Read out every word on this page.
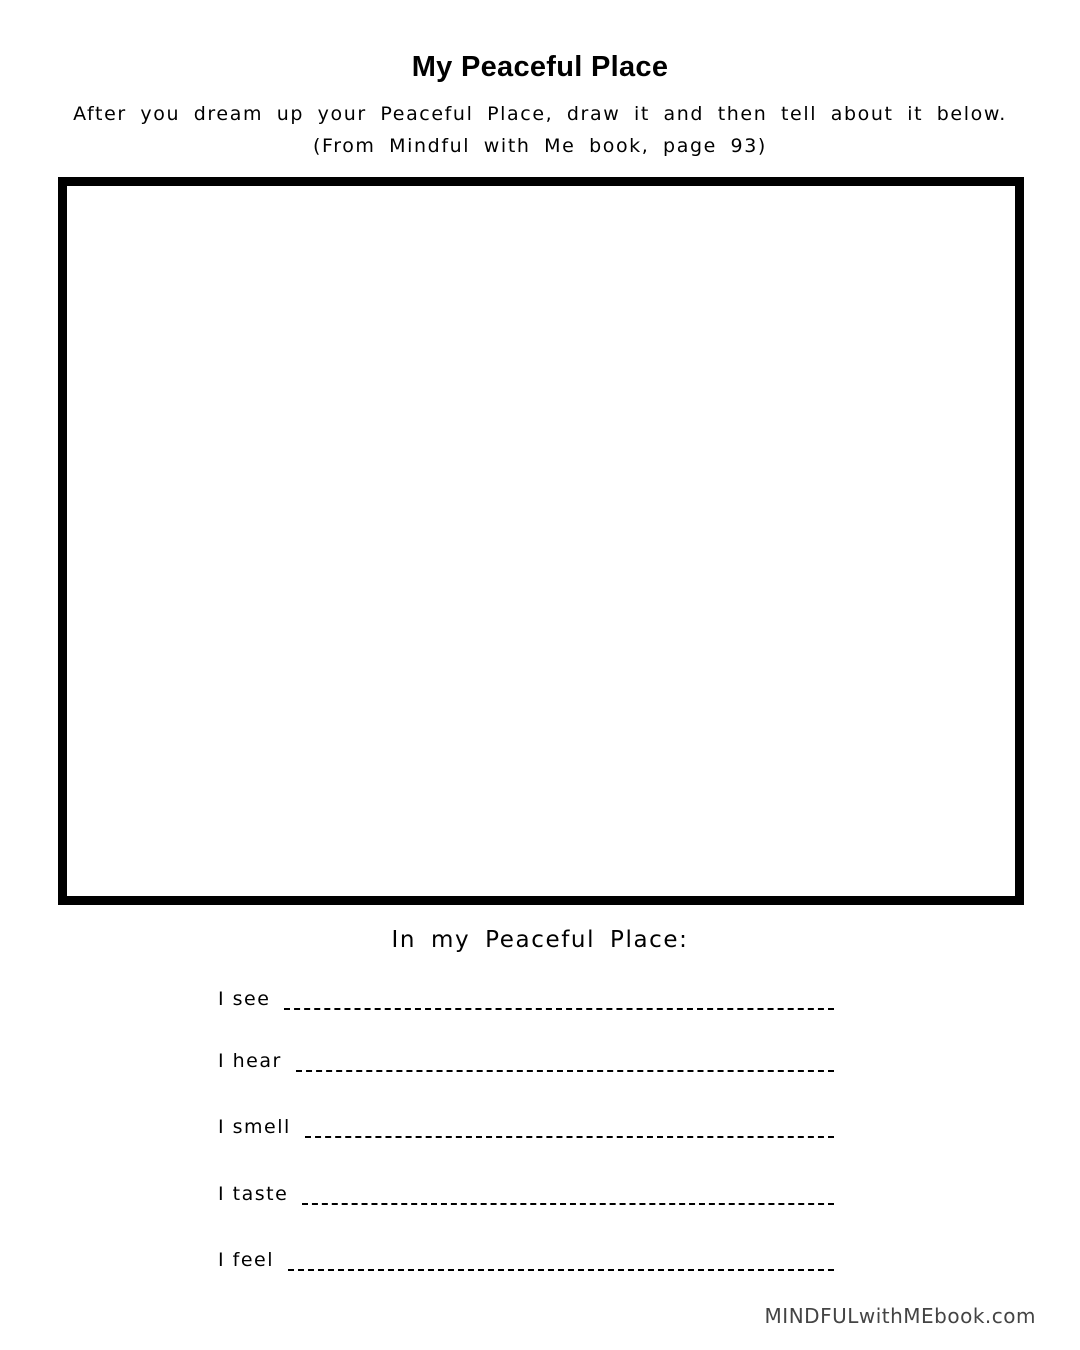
My Peaceful Place
After you dream up your Peaceful Place, draw it and then tell about it below.
(From Mindful with Me book, page 93)
In my Peaceful Place:
I see
I hear
I smell
I taste
I feel
MINDFULwithMEbook.com
